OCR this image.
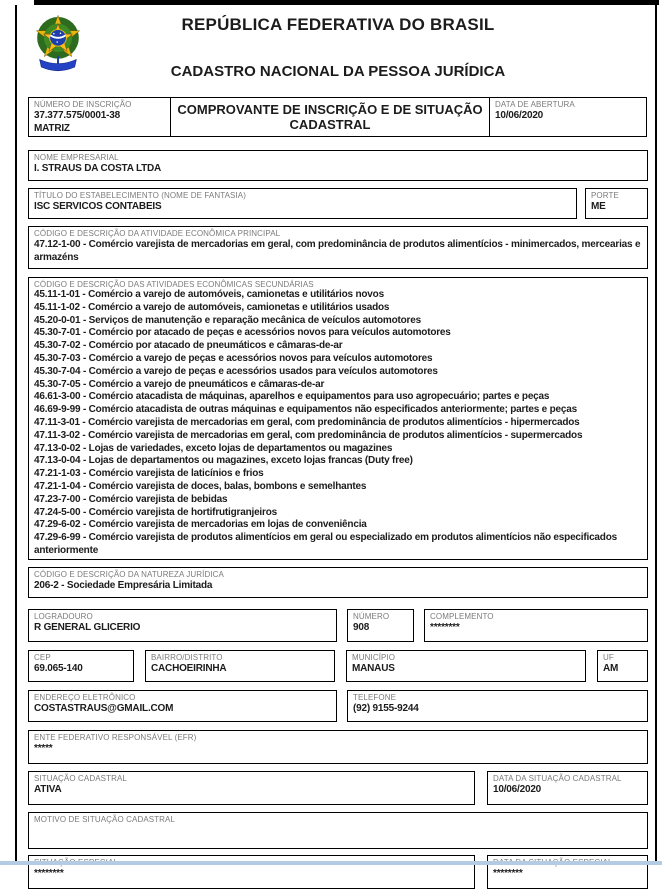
REPÚBLICA FEDERATIVA DO BRASIL
CADASTRO NACIONAL DA PESSOA JURÍDICA
NÚMERO DE INSCRIÇÃO
37.377.575/0001-38
MATRIZ
COMPROVANTE DE INSCRIÇÃO E DE SITUAÇÃO CADASTRAL
DATA DE ABERTURA
10/06/2020
NOME EMPRESARIAL
I. STRAUS DA COSTA LTDA
TÍTULO DO ESTABELECIMENTO (NOME DE FANTASIA)
ISC SERVICOS CONTABEIS
PORTE
ME
CÓDIGO E DESCRIÇÃO DA ATIVIDADE ECONÔMICA PRINCIPAL
47.12-1-00 - Comércio varejista de mercadorias em geral, com predominância de produtos alimentícios - minimercados, mercearias e armazéns
CÓDIGO E DESCRIÇÃO DAS ATIVIDADES ECONÔMICAS SECUNDÁRIAS
45.11-1-01 - Comércio a varejo de automóveis, camionetas e utilitários novos
45.11-1-02 - Comércio a varejo de automóveis, camionetas e utilitários usados
45.20-0-01 - Serviços de manutenção e reparação mecânica de veículos automotores
45.30-7-01 - Comércio por atacado de peças e acessórios novos para veículos automotores
45.30-7-02 - Comércio por atacado de pneumáticos e câmaras-de-ar
45.30-7-03 - Comércio a varejo de peças e acessórios novos para veículos automotores
45.30-7-04 - Comércio a varejo de peças e acessórios usados para veículos automotores
45.30-7-05 - Comércio a varejo de pneumáticos e câmaras-de-ar
46.61-3-00 - Comércio atacadista de máquinas, aparelhos e equipamentos para uso agropecuário; partes e peças
46.69-9-99 - Comércio atacadista de outras máquinas e equipamentos não especificados anteriormente; partes e peças
47.11-3-01 - Comércio varejista de mercadorias em geral, com predominância de produtos alimentícios - hipermercados
47.11-3-02 - Comércio varejista de mercadorias em geral, com predominância de produtos alimentícios - supermercados
47.13-0-02 - Lojas de variedades, exceto lojas de departamentos ou magazines
47.13-0-04 - Lojas de departamentos ou magazines, exceto lojas francas (Duty free)
47.21-1-03 - Comércio varejista de laticínios e frios
47.21-1-04 - Comércio varejista de doces, balas, bombons e semelhantes
47.23-7-00 - Comércio varejista de bebidas
47.24-5-00 - Comércio varejista de hortifrutigranjeiros
47.29-6-02 - Comércio varejista de mercadorias em lojas de conveniência
47.29-6-99 - Comércio varejista de produtos alimentícios em geral ou especializado em produtos alimentícios não especificados anteriormente
CÓDIGO E DESCRIÇÃO DA NATUREZA JURÍDICA
206-2 - Sociedade Empresária Limitada
LOGRADOURO
R GENERAL GLICERIO
NÚMERO
908
COMPLEMENTO
********
CEP
69.065-140
BAIRRO/DISTRITO
CACHOEIRINHA
MUNICÍPIO
MANAUS
UF
AM
ENDEREÇO ELETRÔNICO
COSTASTRAUS@GMAIL.COM
TELEFONE
(92) 9155-9244
ENTE FEDERATIVO RESPONSÁVEL (EFR)
*****
SITUAÇÃO CADASTRAL
ATIVA
DATA DA SITUAÇÃO CADASTRAL
10/06/2020
MOTIVO DE SITUAÇÃO CADASTRAL
********	********
